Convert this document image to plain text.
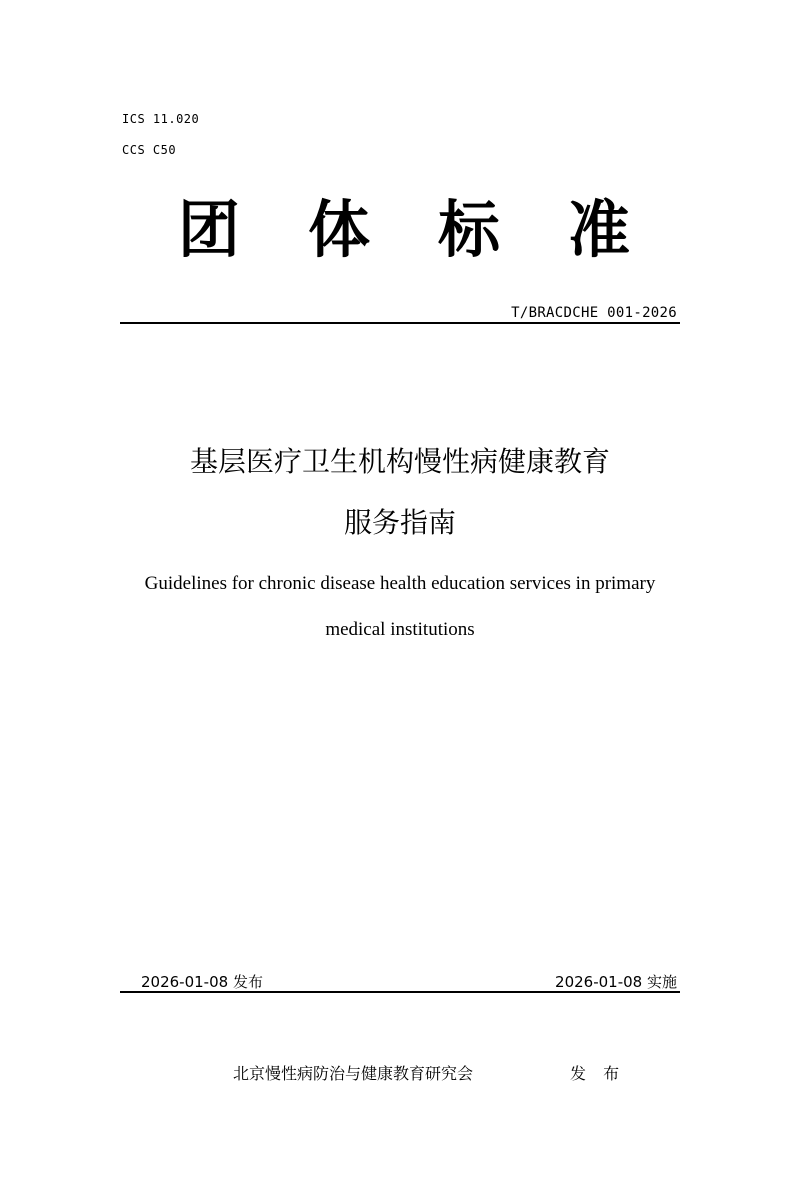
ICS 11.020
CCS C50
团 体 标 准
T/BRACDCHE 001-2026
基层医疗卫生机构慢性病健康教育
服务指南
Guidelines for chronic disease health education services in primary
medical institutions
2026-01-08 发布	2026-01-08 实施
北京慢性病防治与健康教育研究会	发 布
